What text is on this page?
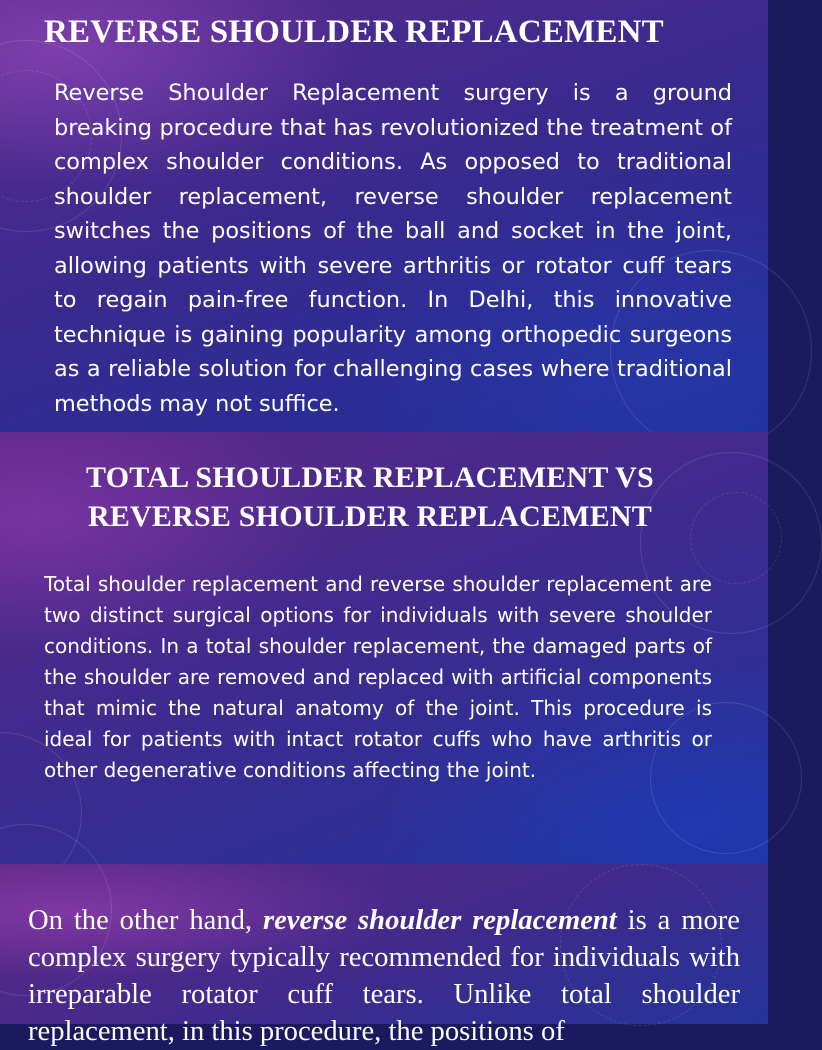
REVERSE SHOULDER REPLACEMENT

Reverse Shoulder Replacement surgery is a ground breaking procedure that has revolutionized the treatment of complex shoulder conditions. As opposed to traditional shoulder replacement, reverse shoulder replacement switches the positions of the ball and socket in the joint, allowing patients with severe arthritis or rotator cuff tears to regain pain-free function. In Delhi, this innovative technique is gaining popularity among orthopedic surgeons as a reliable solution for challenging cases where traditional methods may not suffice.

TOTAL SHOULDER REPLACEMENT VS REVERSE SHOULDER REPLACEMENT

Total shoulder replacement and reverse shoulder replacement are two distinct surgical options for individuals with severe shoulder conditions. In a total shoulder replacement, the damaged parts of the shoulder are removed and replaced with artificial components that mimic the natural anatomy of the joint. This procedure is ideal for patients with intact rotator cuffs who have arthritis or other degenerative conditions affecting the joint.

On the other hand, reverse shoulder replacement is a more complex surgery typically recommended for individuals with irreparable rotator cuff tears. Unlike total shoulder replacement, in this procedure, the positions of
